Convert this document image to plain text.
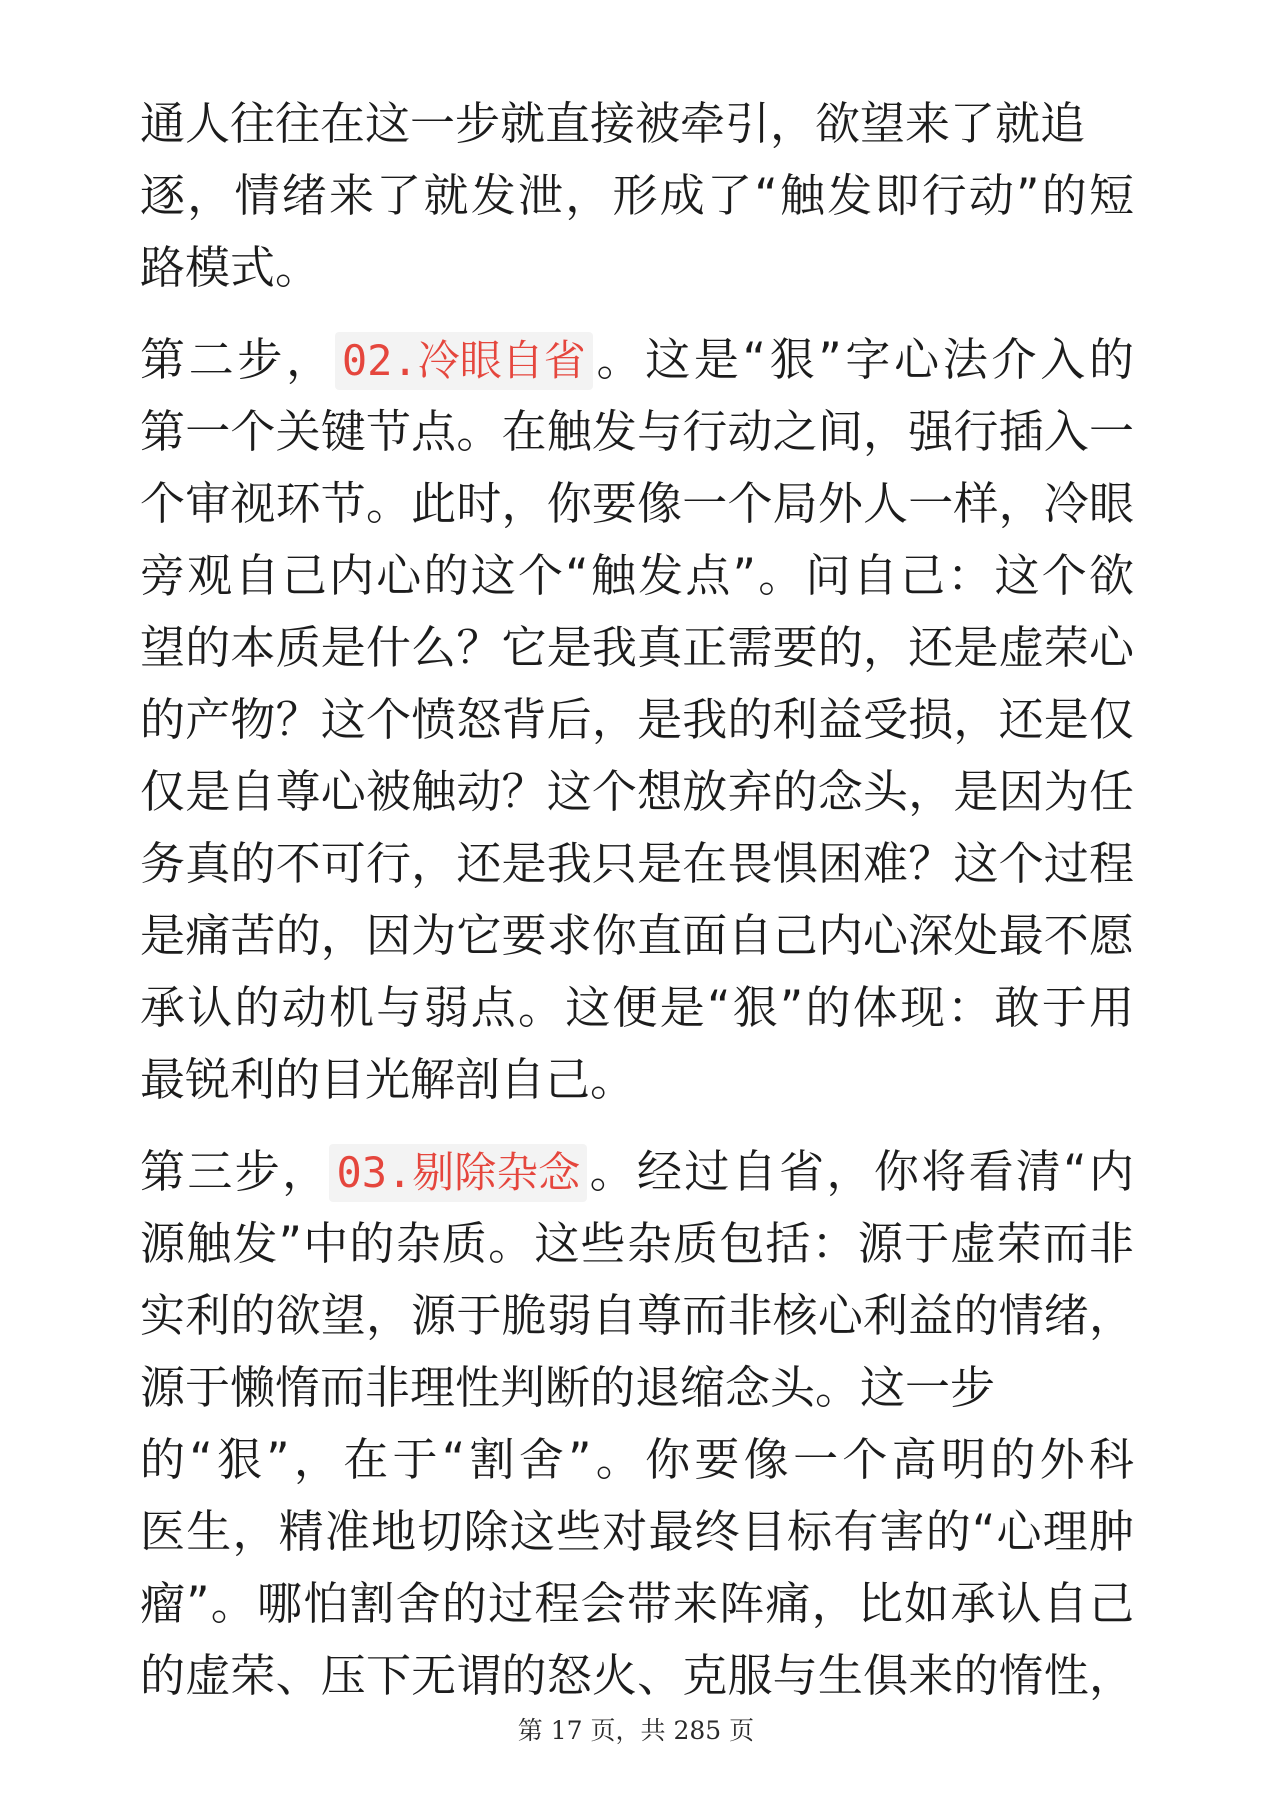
通人往往在这一步就直接被牵引，欲望来了就追
逐，情绪来了就发泄，形成了“触发即行动”的短
路模式。
第二步， 02.冷眼自省 。这是“狠”字心法介入的
第一个关键节点。在触发与行动之间，强行插入一
个审视环节。此时，你要像一个局外人一样，冷眼
旁观自己内心的这个“触发点”。问自己：这个欲
望的本质是什么？它是我真正需要的，还是虚荣心
的产物？这个愤怒背后，是我的利益受损，还是仅
仅是自尊心被触动？这个想放弃的念头，是因为任
务真的不可行，还是我只是在畏惧困难？这个过程
是痛苦的，因为它要求你直面自己内心深处最不愿
承认的动机与弱点。这便是“狠”的体现：敢于用
最锐利的目光解剖自己。
第三步， 03.剔除杂念 。经过自省，你将看清“内
源触发”中的杂质。这些杂质包括：源于虚荣而非
实利的欲望，源于脆弱自尊而非核心利益的情绪，
源于懒惰而非理性判断的退缩念头。这一步
的“狠”，在于“割舍”。你要像一个高明的外科
医生，精准地切除这些对最终目标有害的“心理肿
瘤”。哪怕割舍的过程会带来阵痛，比如承认自己
的虚荣、压下无谓的怒火、克服与生俱来的惰性，
第 17 页，共 285 页
